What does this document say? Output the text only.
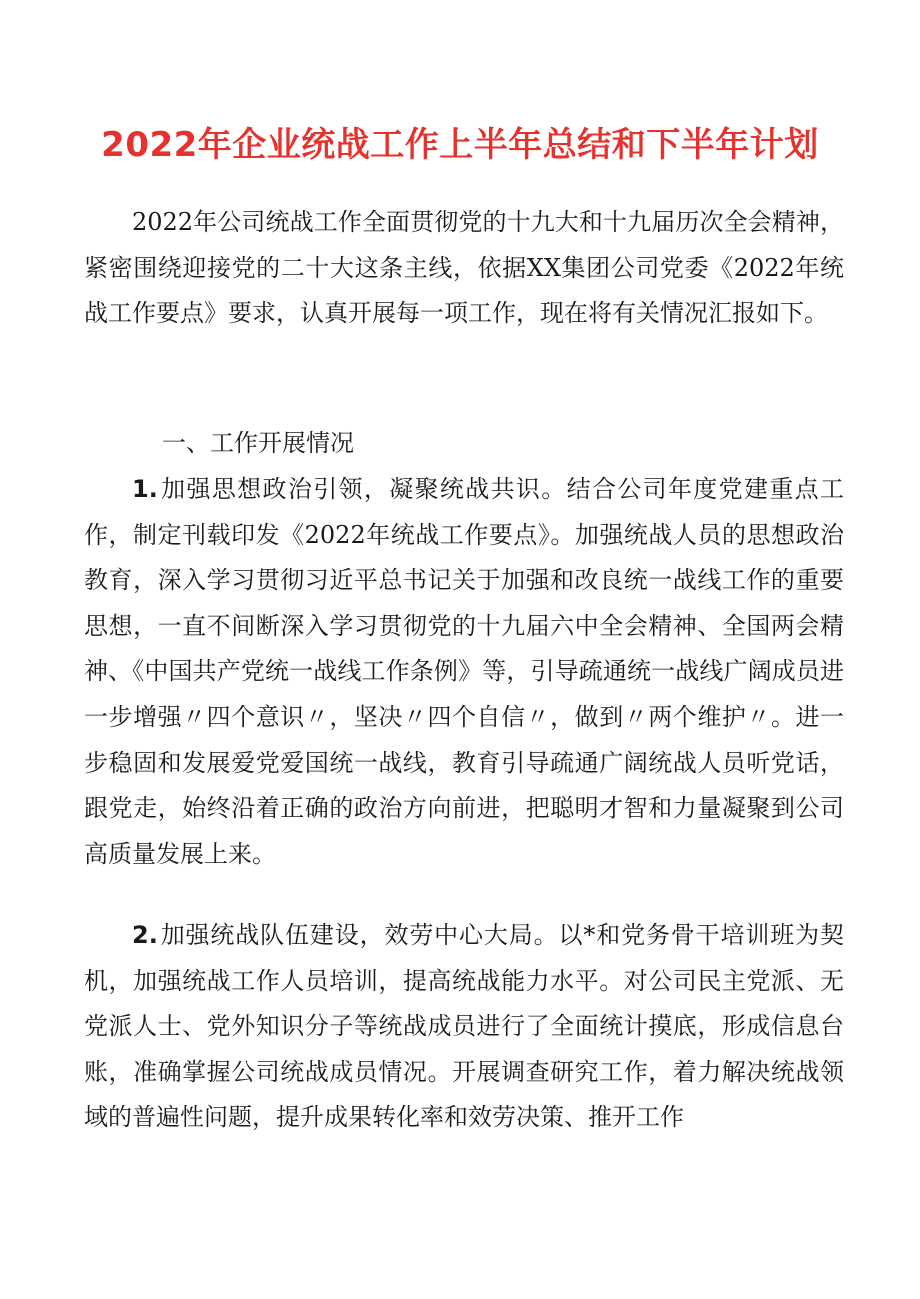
2022年企业统战工作上半年总结和下半年计划

2022年公司统战工作全面贯彻党的十九大和十九届历次全会精神，紧密围绕迎接党的二十大这条主线，依据XX集团公司党委《2022年统战工作要点》要求，认真开展每一项工作，现在将有关情况汇报如下。

一、工作开展情况

1.加强思想政治引领，凝聚统战共识。结合公司年度党建重点工作，制定刊载印发《2022年统战工作要点》。加强统战人员的思想政治教育，深入学习贯彻习近平总书记关于加强和改良统一战线工作的重要思想，一直不间断深入学习贯彻党的十九届六中全会精神、全国两会精神、《中国共产党统一战线工作条例》等，引导疏通统一战线广阔成员进一步增强〃四个意识〃，坚决〃四个自信〃，做到〃两个维护〃。进一步稳固和发展爱党爱国统一战线，教育引导疏通广阔统战人员听党话，跟党走，始终沿着正确的政治方向前进，把聪明才智和力量凝聚到公司高质量发展上来。

2.加强统战队伍建设，效劳中心大局。以*和党务骨干培训班为契机，加强统战工作人员培训，提高统战能力水平。对公司民主党派、无党派人士、党外知识分子等统战成员进行了全面统计摸底，形成信息台账，准确掌握公司统战成员情况。开展调查研究工作，着力解决统战领域的普遍性问题，提升成果转化率和效劳决策、推开工作
